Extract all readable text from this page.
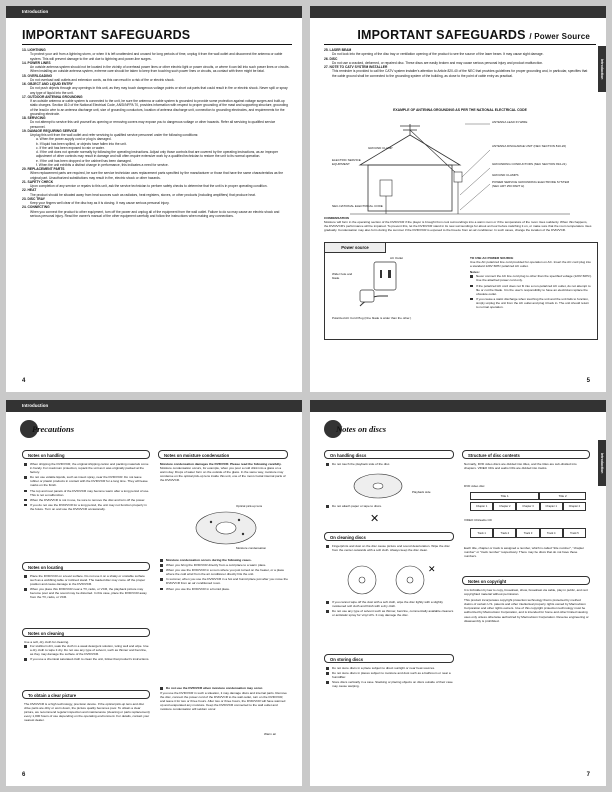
Introduction
IMPORTANT SAFEGUARDS
13. LIGHTNING
To protect your unit from a lightning storm, or when it is left unattended and unused for long periods of time, unplug it from the wall outlet and disconnect the antenna or cable system. This will prevent damage to the unit due to lightning and power-line surges.
14. POWER LINES
An outside antenna system should not be located in the vicinity of overhead power lines or other electric light or power circuits, or where it can fall into such power lines or circuits. When installing an outside antenna system, extreme care should be taken to keep from touching such power lines or circuits, as contact with them might be fatal.
15. OVERLOADING
Do not overload wall outlets and extension cords, as this can result in a risk of fire or electric shock.
16. OBJECT AND LIQUID ENTRY
Do not push objects through any openings in this unit, as they may touch dangerous voltage points or short out parts that could result in fire or electric shock. Never spill or spray any type of liquid into the unit.
17. OUTDOOR ANTENNA GROUNDING
If an outside antenna or cable system is connected to the unit, be sure the antenna or cable system is grounded to provide some protection against voltage surges and built-up static charges. Section 810 of the National Electrical Code, ANSI/NFPA 70, provides information with respect to proper grounding of the mast and supporting structure, grounding of the lead-in wire to an antenna discharge unit, size of grounding conductors, location of antenna discharge unit, connection to grounding electrodes, and requirements for the grounding electrode.
18. SERVICING
Do not attempt to service this unit yourself as opening or removing covers may expose you to dangerous voltage or other hazards. Refer all servicing to qualified service personnel.
19. DAMAGE REQUIRING SERVICE
Unplug this unit from the wall outlet and refer servicing to qualified service personnel under the following conditions:
a. When the power-supply cord or plug is damaged.
b. If liquid has been spilled, or objects have fallen into the unit.
c. If the unit has been exposed to rain or water.
d. If the unit does not operate normally by following the operating instructions. Adjust only those controls that are covered by the operating instructions, as an improper adjustment of other controls may result in damage and will often require extensive work by a qualified technician to restore the unit to its normal operation.
e. If the unit has been dropped or the cabinet has been damaged.
f. When the unit exhibits a distinct change in performance, this indicates a need for service.
20. REPLACEMENT PARTS
When replacement parts are required, be sure the service technician uses replacement parts specified by the manufacturer or those that have the same characteristics as the original part. Unauthorized substitutions may result in fire, electric shock or other hazards.
21. SAFETY CHECK
Upon completion of any service or repairs to this unit, ask the service technician to perform safety checks to determine that the unit is in proper operating condition.
22. HEAT
The product should be situated away from heat sources such as radiators, heat registers, stoves, or other products (including amplifiers) that produce heat.
23. DISC TRAY
Keep your fingers well clear of the disc tray as it is closing. It may cause serious personal injury.
24. CONNECTING
When you connect the product to other equipment, turn off the power and unplug all of the equipment from the wall outlet. Failure to do so may cause an electric shock and serious personal injury. Read the owner's manual of the other equipment carefully and follow the instructions when making any connections.
4
Introduction
IMPORTANT SAFEGUARDS / Power Source
25. LASER BEAM
Do not look into the opening of the disc tray or ventilation opening of the product to see the source of the laser beam. It may cause sight damage.
26. DISC
Do not use a cracked, deformed, or repaired disc. These discs are easily broken and may cause serious personal injury and product malfunction.
27. NOTE TO CATV SYSTEM INSTALLER
This reminder is provided to call the CATV system installer's attention to Article 820-40 of the NEC that provides guidelines for proper grounding and, in particular, specifies that the cable ground shall be connected to the grounding system of the building, as close to the point of cable entry as practical.
EXAMPLE OF ANTENNA GROUNDING AS PER THE NATIONAL ELECTRICAL CODE
ANTENNA LEAD IN WIRE
GROUND CLAMP	ANTENNA DISCHARGE UNIT (NEC SECTION 810-20)
ELECTRIC SERVICE EQUIPMENT	GROUNDING CONDUCTORS (NEC SECTION 810-21)
GROUND CLAMPS
POWER SERVICE GROUNDING ELECTRODE SYSTEM (NEC ART 250 PART H)
NEC-NATIONAL ELECTRICAL CODE
CONDENSATION
Moisture will form in the operating section of the DVD/VCR if the player is brought from cool surroundings into a warm room or if the temperature of the room rises suddenly. When this happens, the DVD/VCR's performance will be impaired. To prevent this, let the DVD/VCR stand in its new surroundings for about an hour before switching it on, or make sure that the room temperature rises gradually. Condensation may also form during the summer if the DVD/VCR is exposed to the breeze from an air conditioner. In such cases, change the location of the DVD/VCR.
Power source
AC Outlet
Wider hole and blade
Polarized AC Cord Plug (One blade is wider than the other.)
TO USE AC POWER SOURCE
Use the AC polarized line cord provided for operation on AC. Insert the AC cord plug into a standard 120V 60Hz polarized AC outlet.
Notes:
Never connect the AC line cord plug to other than the specified voltage (120V 60Hz). Use the attached power cord only.
If the polarized AC cord does not fit into a non-polarized AC outlet, do not attempt to file or cut the blade. It is the user's responsibility to have an electrician replace the obsolete outlet.
If you cause a static discharge when touching the unit and the unit fails to function, simply unplug the unit from the AC outlet and plug it back in. The unit should return to normal operation.
5
Introduction
Precautions
Notes on handling
When shipping the DVD/VCR, the original shipping carton and packing materials come in handy. For maximum protection, repack the unit as it was originally packed at the factory.
Do not use volatile liquids, such as insect spray, near the DVD/VCR. Do not leave rubber or plastic products in contact with the DVD/VCR for a long time. They will leave marks on the finish.
The top and rear panels of the DVD/VCR may become warm after a long period of use. This is not a malfunction.
When the DVD/VCR is not in use, be sure to remove the disc and turn off the power.
If you do not use the DVD/VCR for a long period, the unit may not function properly in the future. Turn on and use the DVD/VCR occasionally.
Notes on locating
Place the DVD/VCR on a level surface. Do not use it on a shaky or unstable surface such as a wobbling table or inclined stand. The loaded disc may come off the proper position and cause damage to the DVD/VCR.
When you place this DVD/VCR near a TV, radio, or VCR, the playback picture may become poor and the sound may be distorted. In this case, place the DVD/VCR away from the TV, radio, or VCR.
Notes on cleaning
Use a soft, dry cloth for cleaning.
For stubborn dirt, soak the cloth in a weak detergent solution, wring well and wipe. Use a dry cloth to wipe it dry. Do not use any type of solvent, such as thinner and benzine, as they may damage the surface of the DVD/VCR.
If you use a chemical saturated cloth to clean the unit, follow that product's instructions.
To obtain a clear picture
The DVD/VCR is a high technology, precision device. If the optical pick-up lens and disc drive parts are dirty or worn down, the picture quality becomes poor. To obtain a clear picture, we recommend regular inspection and maintenance (cleaning or parts replacement) every 1,000 hours of use depending on the operating environment. For details, contact your nearest dealer.
Notes on moisture condensation
Moisture condensation damages the DVD/VCR. Please read the following carefully.
Moisture condensation occurs, for example, when you pour a cold drink into a glass on a warm day. Drops of water form on the outside of the glass. In the same way, moisture may condense on the optical pick-up lens inside this unit, one of the most crucial internal parts of the DVD/VCR.
Optical pick-up lens
Moisture condensation
Moisture condensation occurs during the following cases.
When you bring the DVD/VCR directly from a cold place to a warm place.
When you use the DVD/VCR in a room where you just turned on the heater, or a place where the cold wind from the air conditioner directly hits the unit.
In summer, when you use the DVD/VCR in a hot and humid place just after you move the DVD/VCR from an air conditioned room.
When you use the DVD/VCR in a humid place.
Do not use the DVD/VCR when moisture condensation may occur.
If you use the DVD/VCR in such a situation, it may damage discs and internal parts. Remove the disc, connect the power cord of the DVD/VCR to the wall outlet, turn on the DVD/VCR, and leave it for two or three hours. After two or three hours, the DVD/VCR will have warmed up and evaporated any moisture. Keep the DVD/VCR connected to the wall outlet and moisture condensation will seldom occur.
Warm air
6
Introduction
Notes on discs
On handling discs
Do not touch the playback side of the disc.
Playback side
Do not attach paper or tape to discs.
✕
On cleaning discs
Fingerprints and dust on the disc cause picture and sound deterioration. Wipe the disc from the center outwards with a soft cloth. Always keep the disc clean.
✕
If you cannot wipe off the dust with a soft cloth, wipe the disc lightly with a slightly moistened soft cloth and finish with a dry cloth.
Do not use any type of solvent such as thinner, benzine, commercially available cleaners or antistatic spray for vinyl LPs. It may damage the disc.
On storing discs
Do not store discs in a place subject to direct sunlight or near heat sources.
Do not store discs in places subject to moisture and dust such as a bathroom or near a humidifier.
Store discs vertically in a case. Stacking or placing objects on discs outside of their case may cause warping.
Structure of disc contents
Normally, DVD video discs are divided into titles, and the titles are sub-divided into chapters. VIDEO CDs and audio CDs are divided into tracks.
DVD video disc
Title 1	Title 2
Chapter 1	Chapter 2	Chapter 3	Chapter 1	Chapter 2
VIDEO CD/audio CD
Track 1	Track 2	Track 3	Track 4	Track 5
Each title, chapter or track is assigned a number, which is called "title number", "chapter number" or "track number" respectively. There may be discs that do not have these numbers.
Notes on copyright
It is forbidden by law to copy, broadcast, show, broadcast via cable, play in public, and rent copyrighted material without permission.
This product incorporates copyright protection technology that is protected by method claims of certain U.S. patents and other intellectual property rights owned by Macrovision Corporation and other rights owners. Use of this copyright protection technology must be authorized by Macrovision Corporation, and is intended for home and other limited viewing uses only unless otherwise authorized by Macrovision Corporation. Reverse engineering or disassembly is prohibited.
7
